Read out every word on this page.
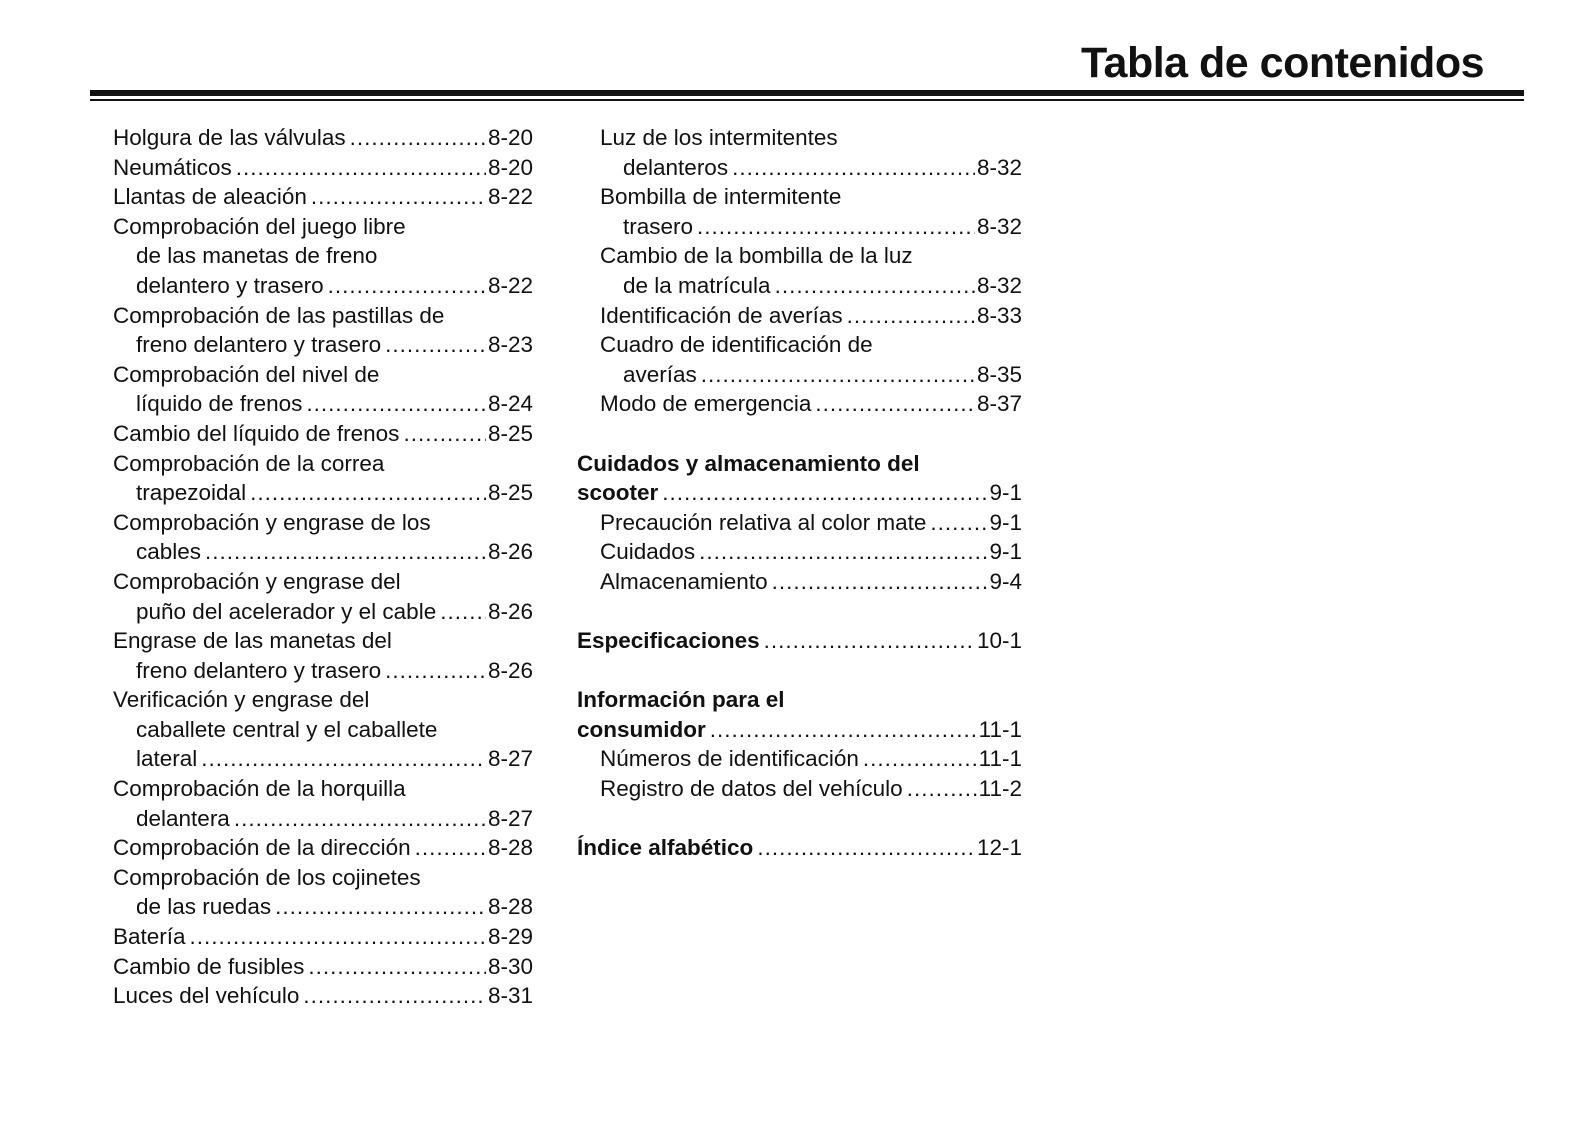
Tabla de contenidos
Holgura de las válvulas .....	8-20
Neumáticos .....	8-20
Llantas de aleación .....	8-22
Comprobación del juego libre
de las manetas de freno
delantero y trasero .....	8-22
Comprobación de las pastillas de
freno delantero y trasero .....	8-23
Comprobación del nivel de
líquido de frenos .....	8-24
Cambio del líquido de frenos .....	8-25
Comprobación de la correa
trapezoidal .....	8-25
Comprobación y engrase de los
cables .....	8-26
Comprobación y engrase del
puño del acelerador y el cable ..... 8-26
Engrase de las manetas del
freno delantero y trasero .....	8-26
Verificación y engrase del
caballete central y el caballete
lateral .....	8-27
Comprobación de la horquilla
delantera .....	8-27
Comprobación de la dirección .....	8-28
Comprobación de los cojinetes
de las ruedas .....	8-28
Batería .....	8-29
Cambio de fusibles .....	8-30
Luces del vehículo .....	8-31
Luz de los intermitentes
delanteros .....	8-32
Bombilla de intermitente
trasero .....	8-32
Cambio de la bombilla de la luz
de la matrícula .....	8-32
Identificación de averías .....	8-33
Cuadro de identificación de
averías .....	8-35
Modo de emergencia .....	8-37
Cuidados y almacenamiento del
scooter .....	9-1
Precaución relativa al color mate .....	9-1
Cuidados .....	9-1
Almacenamiento .....	9-4
Especificaciones .....	10-1
Información para el
consumidor .....	11-1
Números de identificación .....	11-1
Registro de datos del vehículo .....	11-2
Índice alfabético .....	12-1
